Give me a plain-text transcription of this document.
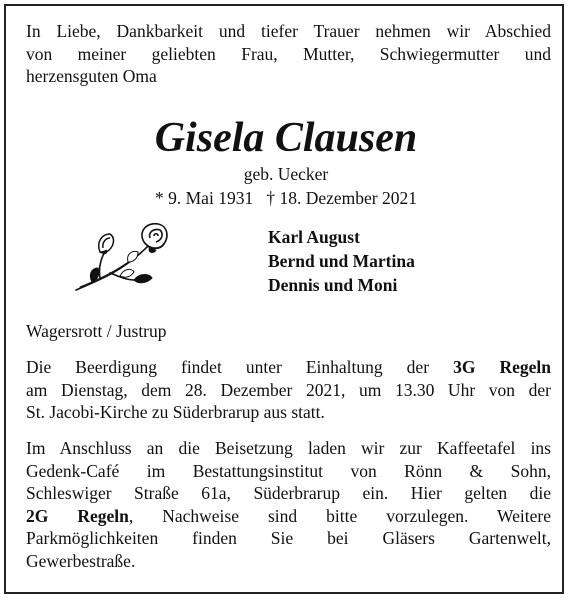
In Liebe, Dankbarkeit und tiefer Trauer nehmen wir Abschied
von meiner geliebten Frau, Mutter, Schwiegermutter und
herzensguten Oma
Gisela Clausen
geb. Uecker
* 9. Mai 1931 † 18. Dezember 2021
Karl August
Bernd und Martina
Dennis und Moni
Wagersrott / Justrup
Die Beerdigung findet unter Einhaltung der 3G Regeln
am Dienstag, dem 28. Dezember 2021, um 13.30 Uhr von der
St. Jacobi-Kirche zu Süderbrarup aus statt.
Im Anschluss an die Beisetzung laden wir zur Kaffeetafel ins
Gedenk-Café im Bestattungsinstitut von Rönn & Sohn,
Schleswiger Straße 61a, Süderbrarup ein. Hier gelten die
2G Regeln, Nachweise sind bitte vorzulegen. Weitere
Parkmöglichkeiten finden Sie bei Gläsers Gartenwelt,
Gewerbestraße.
